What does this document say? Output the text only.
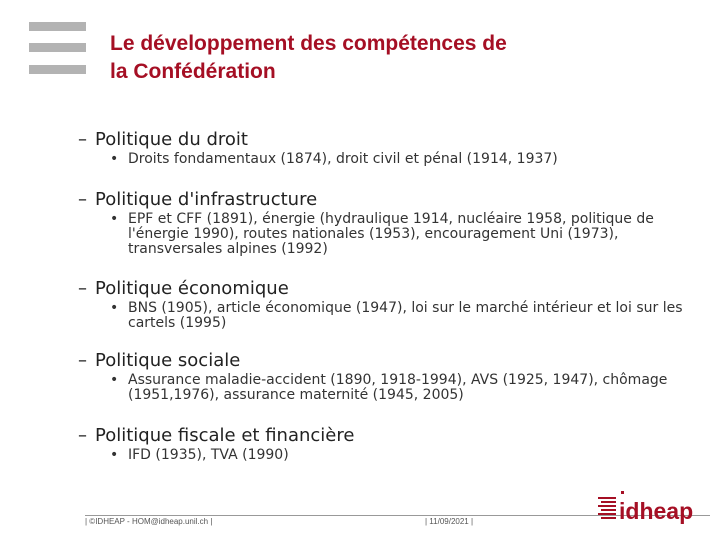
Le développement des compétences de
la Confédération
– Politique du droit
• Droits fondamentaux (1874), droit civil et pénal (1914, 1937)
– Politique d'infrastructure
• EPF et CFF (1891), énergie (hydraulique 1914, nucléaire 1958, politique de l'énergie 1990), routes nationales (1953), encouragement Uni (1973), transversales alpines (1992)
– Politique économique
• BNS (1905), article économique (1947), loi sur le marché intérieur et loi sur les cartels (1995)
– Politique sociale
• Assurance maladie-accident (1890, 1918-1994), AVS (1925, 1947), chômage (1951,1976), assurance maternité (1945, 2005)
– Politique fiscale et financière
• IFD (1935), TVA (1990)
| ©IDHEAP - HOM@idheap.unil.ch |	| 11/09/2021 |	idheap
